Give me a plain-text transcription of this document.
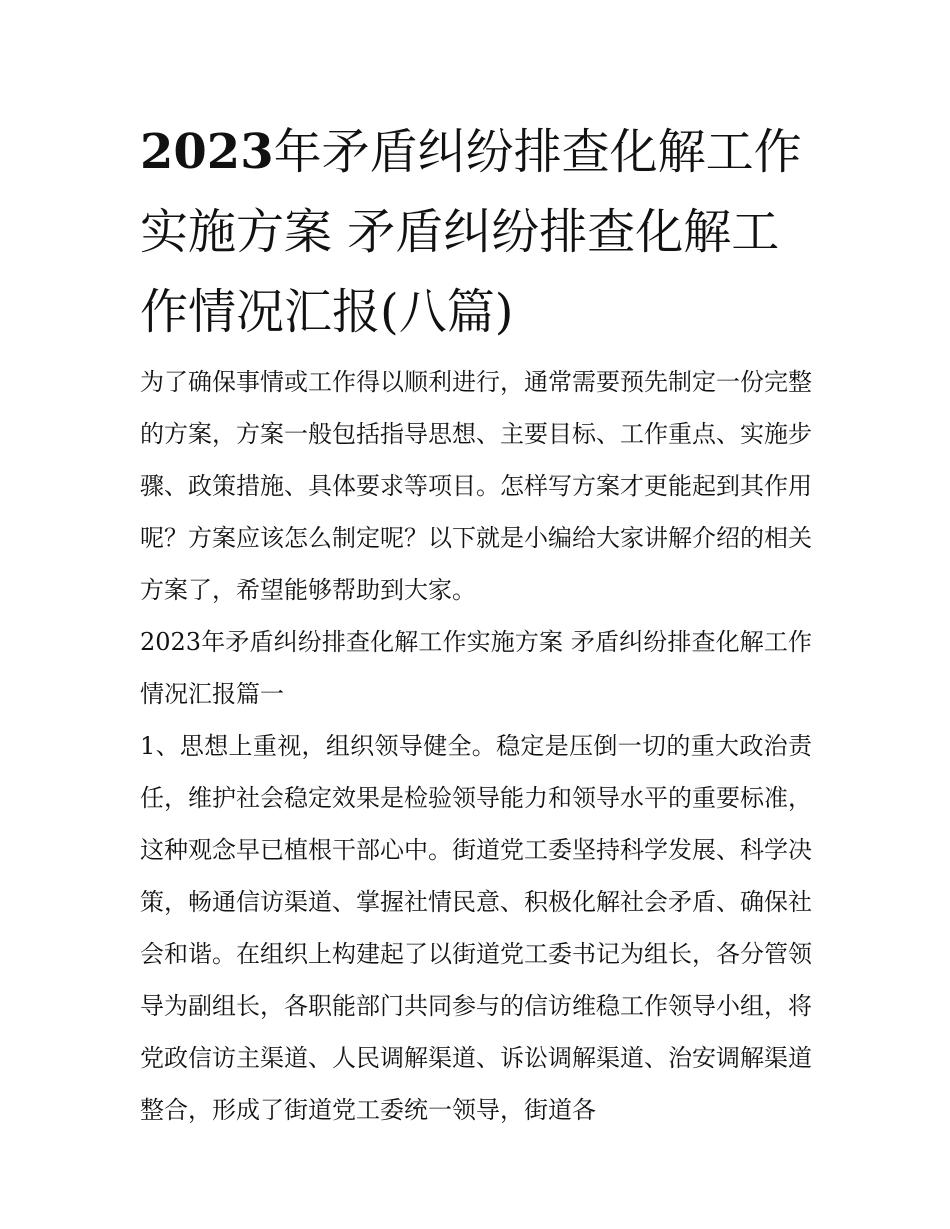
2023年矛盾纠纷排查化解工作实施方案 矛盾纠纷排查化解工作情况汇报(八篇)

为了确保事情或工作得以顺利进行，通常需要预先制定一份完整的方案，方案一般包括指导思想、主要目标、工作重点、实施步骤、政策措施、具体要求等项目。怎样写方案才更能起到其作用呢？方案应该怎么制定呢？以下就是小编给大家讲解介绍的相关方案了，希望能够帮助到大家。

2023年矛盾纠纷排查化解工作实施方案 矛盾纠纷排查化解工作情况汇报篇一

1、思想上重视，组织领导健全。稳定是压倒一切的重大政治责任，维护社会稳定效果是检验领导能力和领导水平的重要标准，这种观念早已植根干部心中。街道党工委坚持科学发展、科学决策，畅通信访渠道、掌握社情民意、积极化解社会矛盾、确保社会和谐。在组织上构建起了以街道党工委书记为组长，各分管领导为副组长，各职能部门共同参与的信访维稳工作领导小组，将党政信访主渠道、人民调解渠道、诉讼调解渠道、治安调解渠道整合，形成了街道党工委统一领导，街道各
